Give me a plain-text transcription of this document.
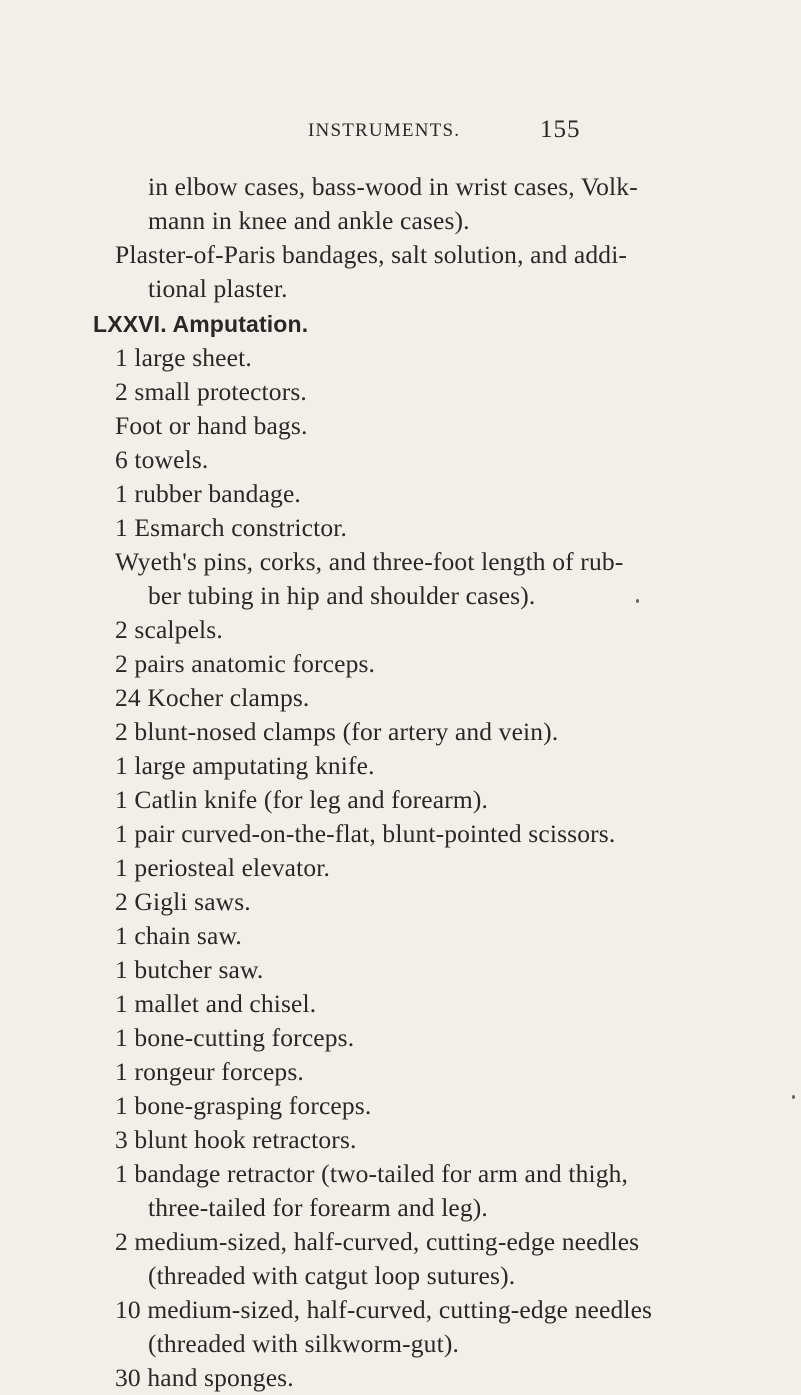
INSTRUMENTS.	155
in elbow cases, bass-wood in wrist cases, Volk-
mann in knee and ankle cases).
Plaster-of-Paris bandages, salt solution, and addi-
tional plaster.
LXXVI. Amputation.
1 large sheet.
2 small protectors.
Foot or hand bags.
6 towels.
1 rubber bandage.
1 Esmarch constrictor.
Wyeth's pins, corks, and three-foot length of rub-
ber tubing in hip and shoulder cases).
2 scalpels.
2 pairs anatomic forceps.
24 Kocher clamps.
2 blunt-nosed clamps (for artery and vein).
1 large amputating knife.
1 Catlin knife (for leg and forearm).
1 pair curved-on-the-flat, blunt-pointed scissors.
1 periosteal elevator.
2 Gigli saws.
1 chain saw.
1 butcher saw.
1 mallet and chisel.
1 bone-cutting forceps.
1 rongeur forceps.
1 bone-grasping forceps.
3 blunt hook retractors.
1 bandage retractor (two-tailed for arm and thigh,
three-tailed for forearm and leg).
2 medium-sized, half-curved, cutting-edge needles
(threaded with catgut loop sutures).
10 medium-sized, half-curved, cutting-edge needles
(threaded with silkworm-gut).
30 hand sponges.
